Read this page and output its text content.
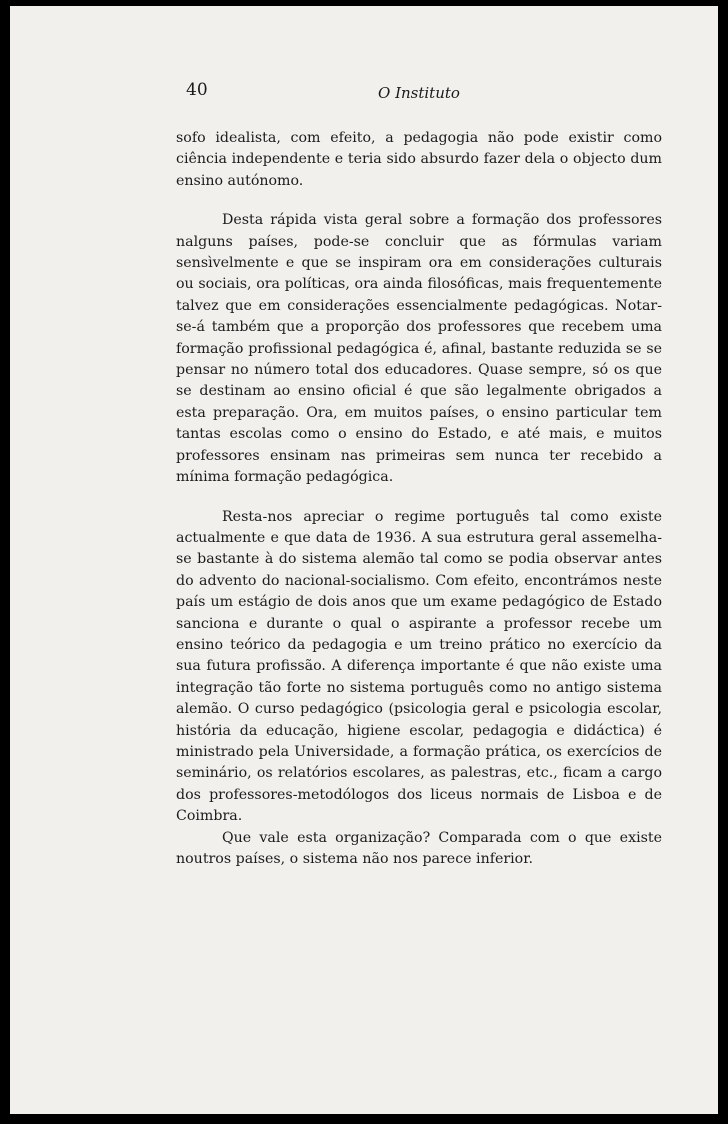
40	O Instituto

sofo idealista, com efeito, a pedagogia não pode existir como ciência independente e teria sido absurdo fazer dela o objecto dum ensino autónomo.

Desta rápida vista geral sobre a formação dos professores nalguns países, pode-se concluir que as fórmulas variam sensìvelmente e que se inspiram ora em considerações culturais ou sociais, ora políticas, ora ainda filosóficas, mais frequentemente talvez que em considerações essencialmente pedagógicas. Notar-se-á também que a proporção dos professores que recebem uma formação profissional pedagógica é, afinal, bastante reduzida se se pensar no número total dos educadores. Quase sempre, só os que se destinam ao ensino oficial é que são legalmente obrigados a esta preparação. Ora, em muitos países, o ensino particular tem tantas escolas como o ensino do Estado, e até mais, e muitos professores ensinam nas primeiras sem nunca ter recebido a mínima formação pedagógica.

Resta-nos apreciar o regime português tal como existe actualmente e que data de 1936. A sua estrutura geral assemelha-se bastante à do sistema alemão tal como se podia observar antes do advento do nacional-socialismo. Com efeito, encontrámos neste país um estágio de dois anos que um exame pedagógico de Estado sanciona e durante o qual o aspirante a professor recebe um ensino teórico da pedagogia e um treino prático no exercício da sua futura profissão. A diferença importante é que não existe uma integração tão forte no sistema português como no antigo sistema alemão. O curso pedagógico (psicologia geral e psicologia escolar, história da educação, higiene escolar, pedagogia e didáctica) é ministrado pela Universidade, a formação prática, os exercícios de seminário, os relatórios escolares, as palestras, etc., ficam a cargo dos professores-metodólogos dos liceus normais de Lisboa e de Coimbra.

Que vale esta organização? Comparada com o que existe noutros países, o sistema não nos parece inferior.
